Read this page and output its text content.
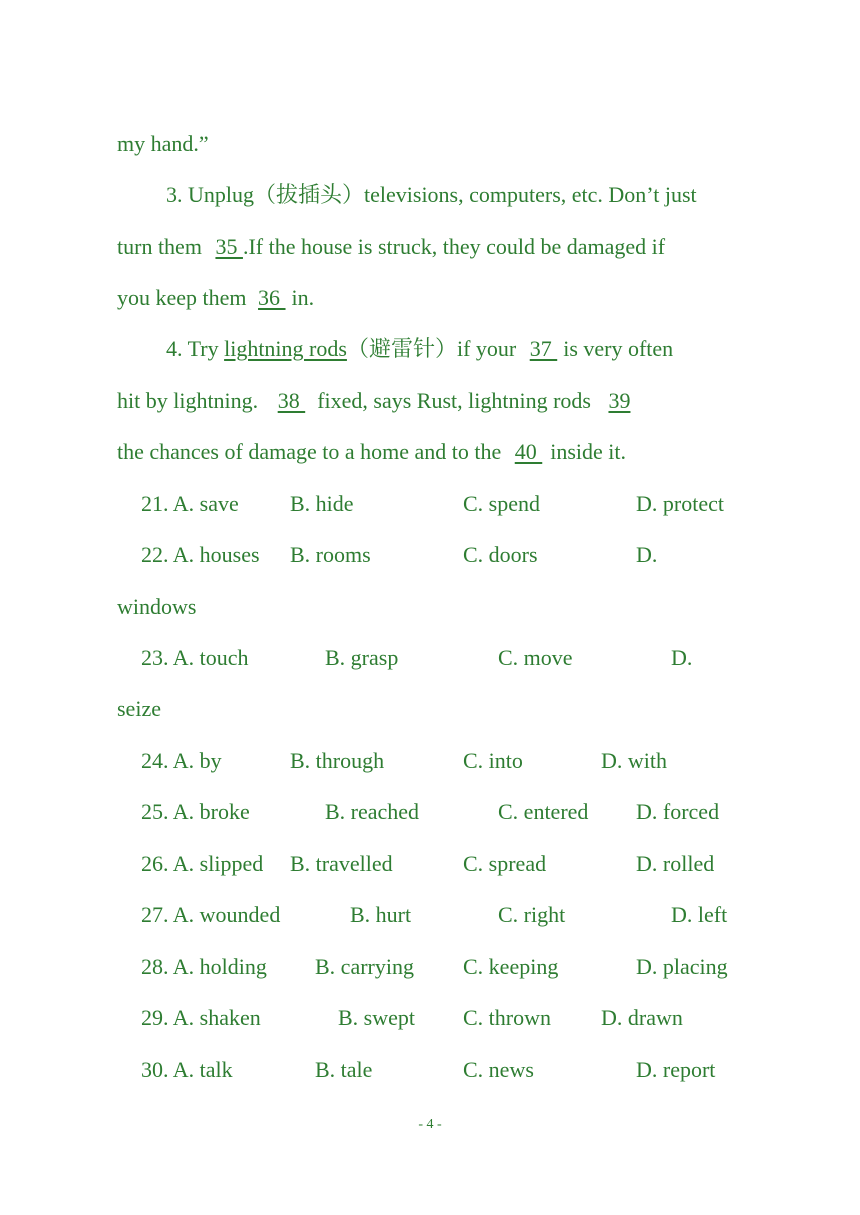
my hand.”
3. Unplug（拔插头）televisions, computers, etc. Don’t just
turn them 35 .If the house is struck, they could be damaged if
you keep them 36 in.
4. Try lightning rods（避雷针）if your 37 is very often
hit by lightning. 38 fixed, says Rust, lightning rods 39
the chances of damage to a home and to the 40 inside it.
21. A. save B. hide	C. spend	D. protect
22. A. houses B. rooms	C. doors	D.
windows
23. A. touch	B. grasp	C. move	D.
seize
24. A. by	B. through	C. into	D. with
25. A. broke	B. reached	C. entered D. forced
26. A. slipped B. travelled	C. spread	D. rolled
27. A. wounded	B. hurt	C. right	D. left
28. A. holding B. carrying C. keeping	D. placing
29. A. shaken	B. swept C. thrown D. drawn
30. A. talk	B. tale	C. news	D. report
- 4 -
